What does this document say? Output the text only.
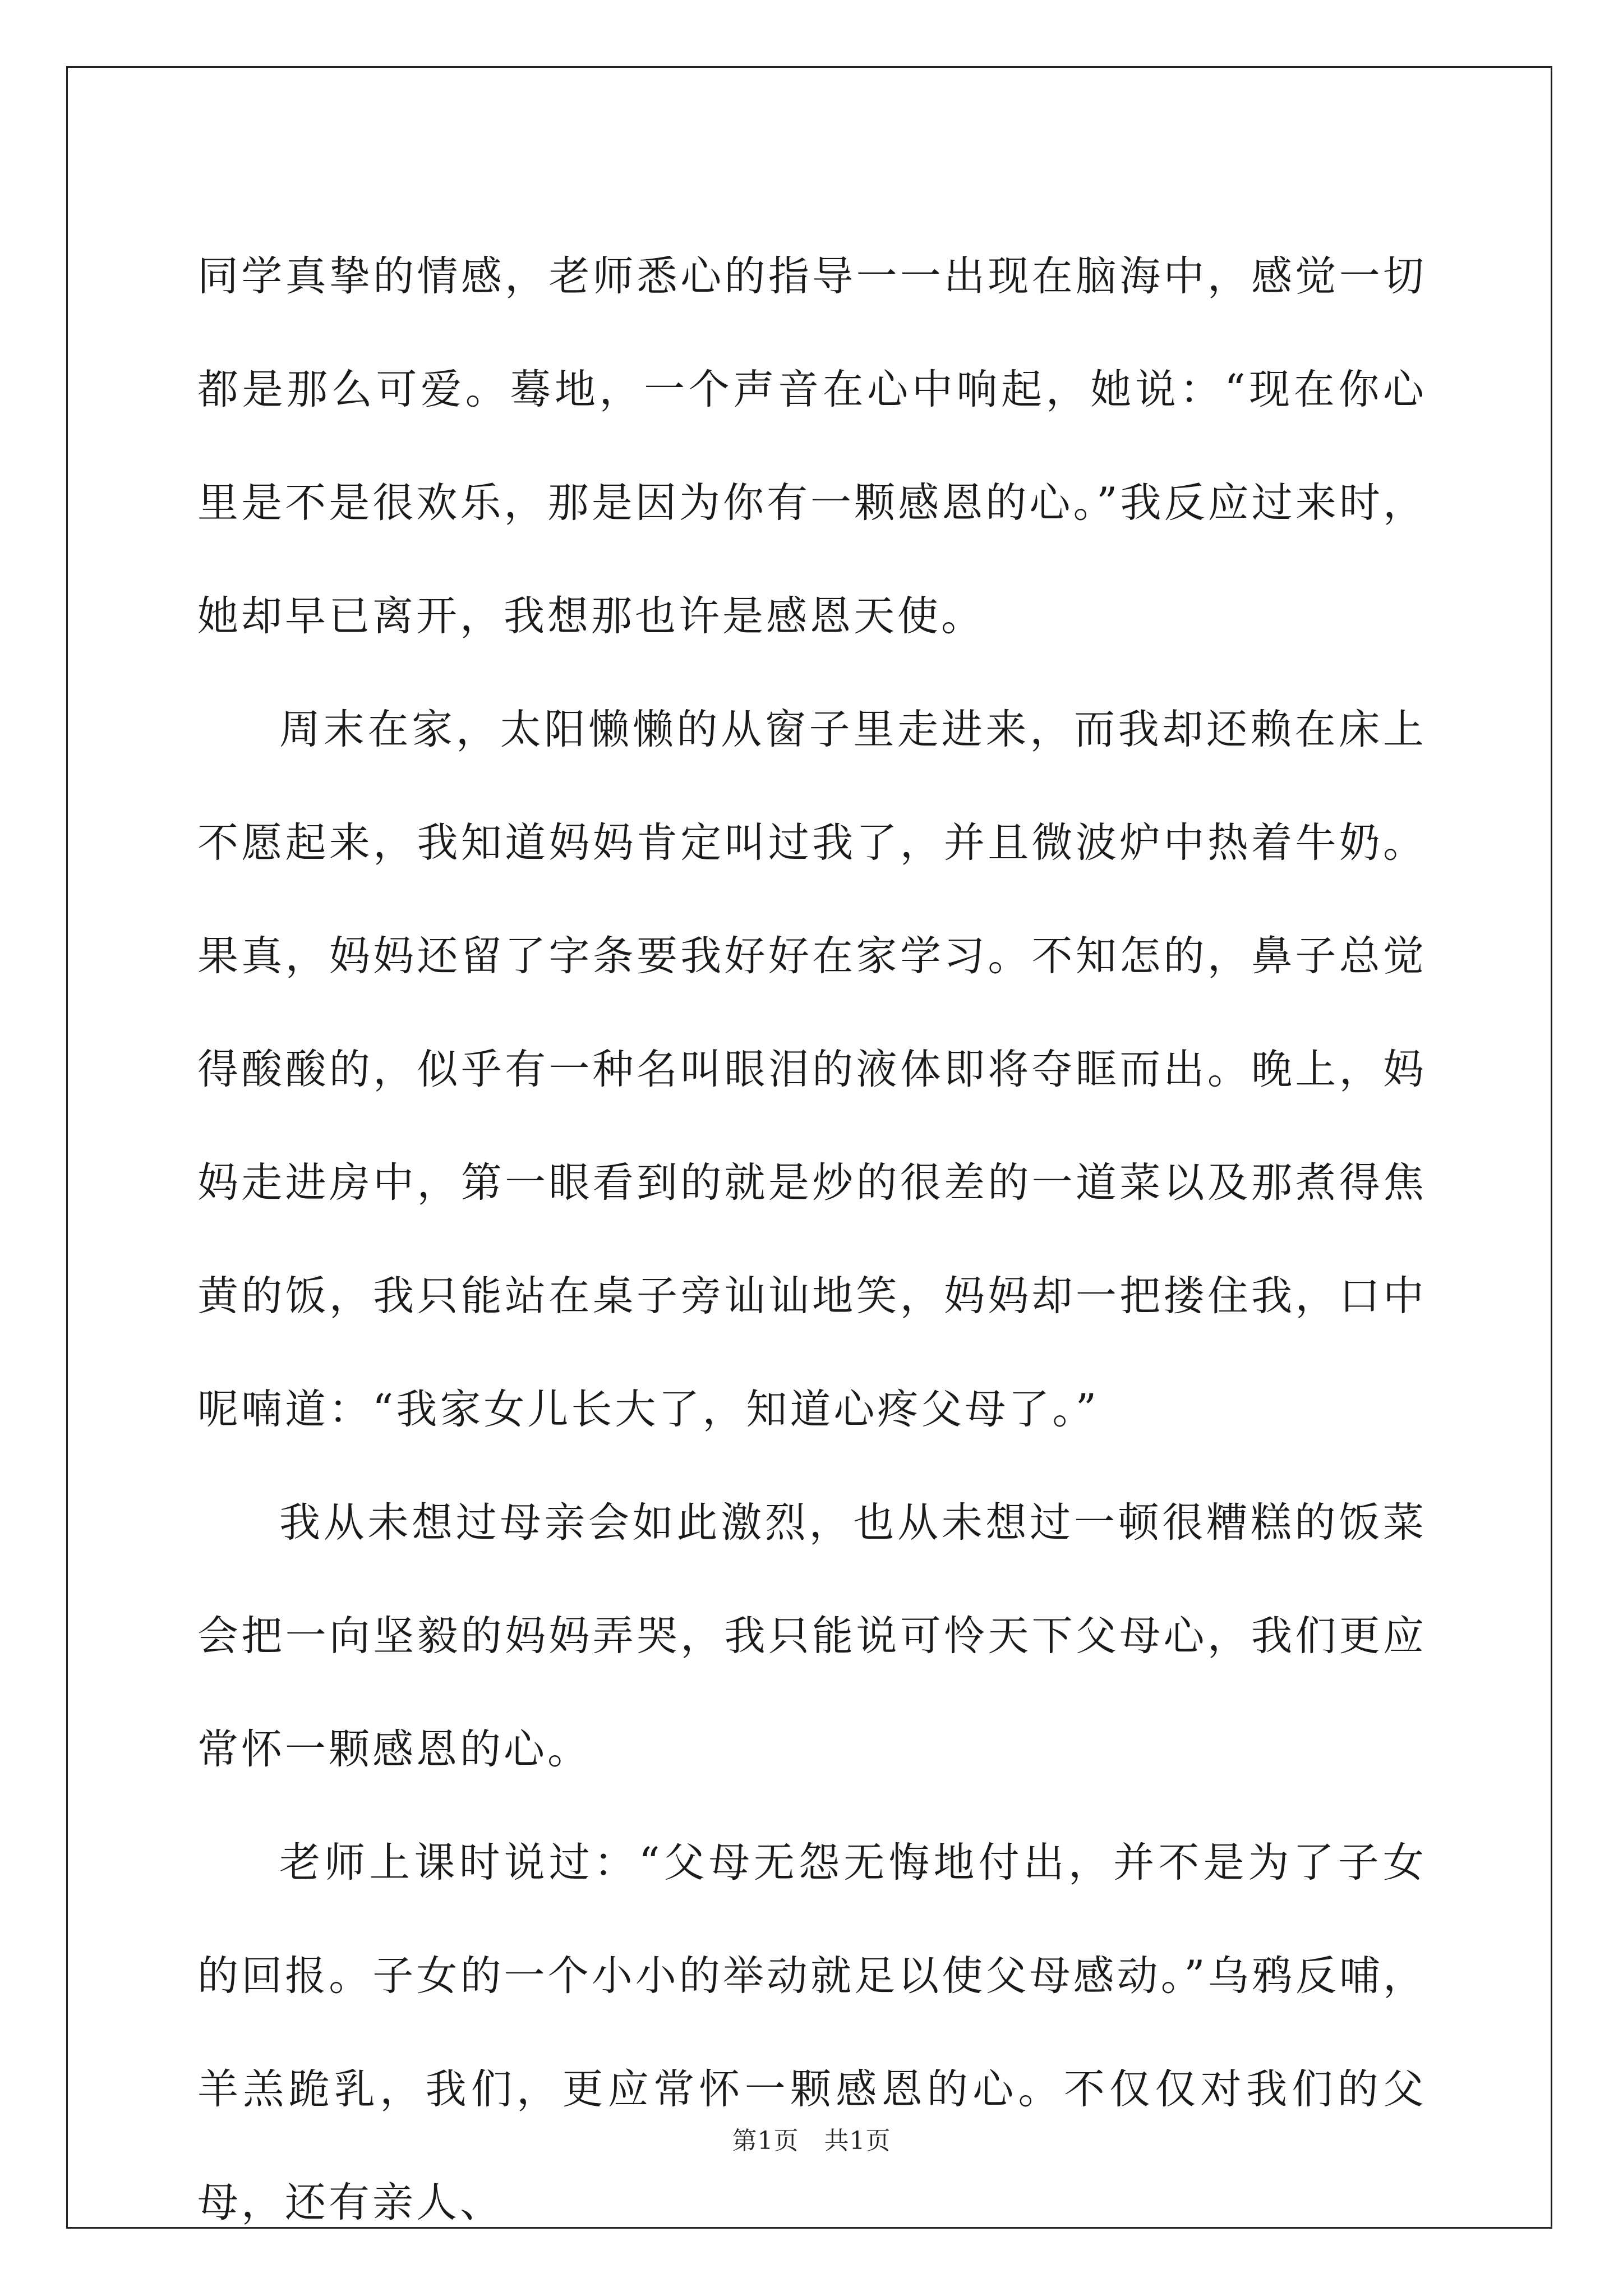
同学真挚的情感，老师悉心的指导一一出现在脑海中，感觉一切都是那么可爱。蓦地，一个声音在心中响起，她说：“现在你心里是不是很欢乐，那是因为你有一颗感恩的心。”我反应过来时，她却早已离开，我想那也许是感恩天使。

周末在家，太阳懒懒的从窗子里走进来，而我却还赖在床上不愿起来，我知道妈妈肯定叫过我了，并且微波炉中热着牛奶。果真，妈妈还留了字条要我好好在家学习。不知怎的，鼻子总觉得酸酸的，似乎有一种名叫眼泪的液体即将夺眶而出。晚上，妈妈走进房中，第一眼看到的就是炒的很差的一道菜以及那煮得焦黄的饭，我只能站在桌子旁讪讪地笑，妈妈却一把搂住我，口中呢喃道：“我家女儿长大了，知道心疼父母了。”

我从未想过母亲会如此激烈，也从未想过一顿很糟糕的饭菜会把一向坚毅的妈妈弄哭，我只能说可怜天下父母心，我们更应常怀一颗感恩的心。

老师上课时说过：“父母无怨无悔地付出，并不是为了子女的回报。子女的一个小小的举动就足以使父母感动。”乌鸦反哺，羊羔跪乳，我们，更应常怀一颗感恩的心。不仅仅对我们的父母，还有亲人、

第1页　共1页
